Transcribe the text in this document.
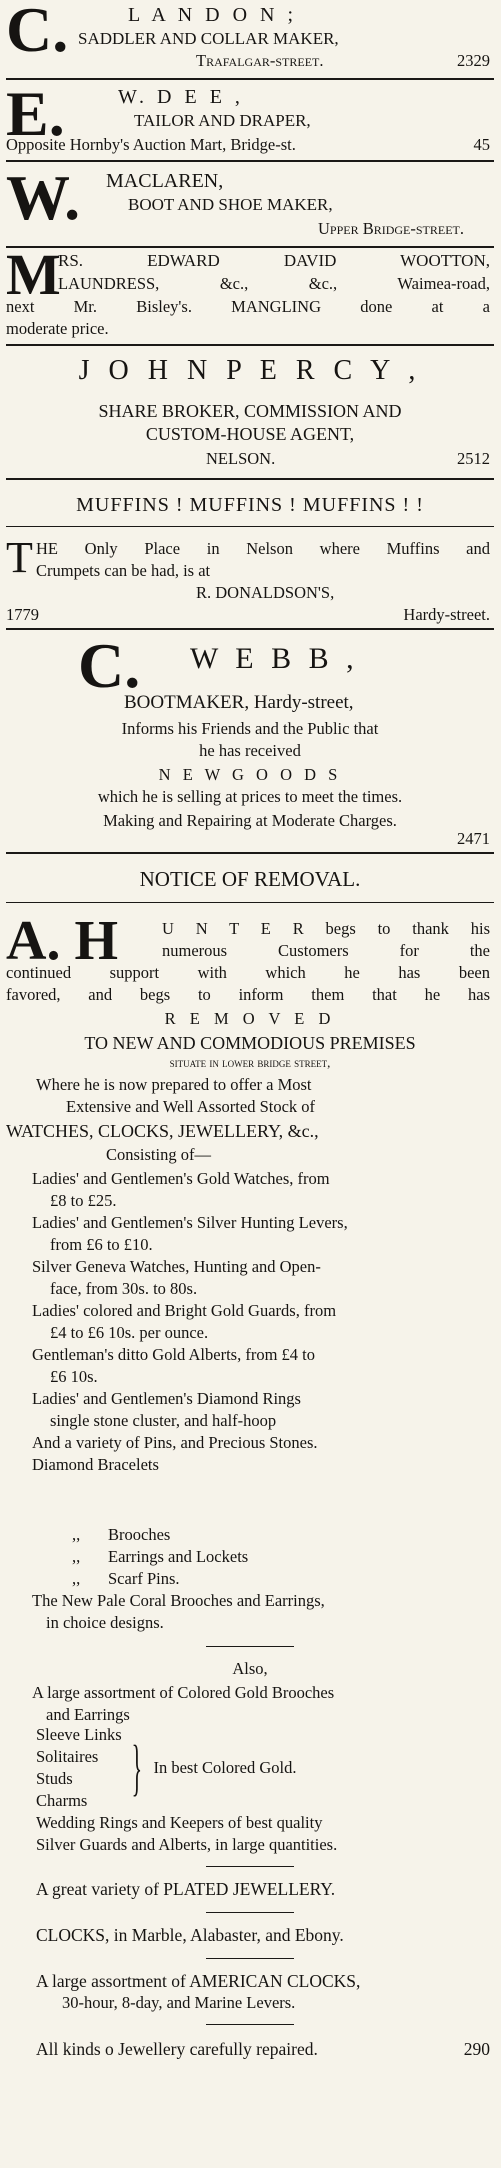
C.	L A N D O N ;
SADDLER AND COLLAR MAKER,
Trafalgar-street.	2329
E.	W. D E E ,
TAILOR AND DRAPER,
Opposite Hornby's Auction Mart, Bridge-st.	45
W. MACLAREN,
BOOT AND SHOE MAKER,
Upper Bridge-street.
M
RS. EDWARD DAVID WOOTTON,
LAUNDRESS, &c., &c., Waimea-road,
next Mr. Bisley's. MANGLING done at a
moderate price.
J O H N P E R C Y ,
SHARE BROKER, COMMISSION AND
CUSTOM-HOUSE AGENT,
NELSON.	2512
MUFFINS ! MUFFINS ! MUFFINS ! !
T HE Only Place in Nelson where Muffins and
Crumpets can be had, is at
R. DONALDSON'S,
1779	Hardy-street.
C. W E B B ,
BOOTMAKER, Hardy-street,
Informs his Friends and the Public that
he has received
N E W G O O D S
which he is selling at prices to meet the times.
Making and Repairing at Moderate Charges.
2471
NOTICE OF REMOVAL.
A. H	U N T E R begs to thank his
numerous Customers for the
continued support with which he has been
favored, and begs to inform them that he has
R E M O V E D
TO NEW AND COMMODIOUS PREMISES
situate in lower bridge street,
Where he is now prepared to offer a Most
Extensive and Well Assorted Stock of
WATCHES, CLOCKS, JEWELLERY, &c.,
Consisting of—
Ladies' and Gentlemen's Gold Watches, from
£8 to £25.
Ladies' and Gentlemen's Silver Hunting Levers,
from £6 to £10.
Silver Geneva Watches, Hunting and Open-
face, from 30s. to 80s.
Ladies' colored and Bright Gold Guards, from
£4 to £6 10s. per ounce.
Gentleman's ditto Gold Alberts, from £4 to
£6 10s.
Ladies' and Gentlemen's Diamond Rings
single stone cluster, and half-hoop
And a variety of Pins, and Precious Stones.
Diamond Bracelets
,, Brooches
,, Earrings and Lockets
,, Scarf Pins.
The New Pale Coral Brooches and Earrings,
in choice designs.
Also,
A large assortment of Colored Gold Brooches
and Earrings
Sleeve Links
Solitaires
Studs
Charms } In best Colored Gold.
Wedding Rings and Keepers of best quality
Silver Guards and Alberts, in large quantities.
A great variety of PLATED JEWELLERY.
CLOCKS, in Marble, Alabaster, and Ebony.
A large assortment of AMERICAN CLOCKS,
30-hour, 8-day, and Marine Levers.
All kinds o Jewellery carefully repaired.	290
